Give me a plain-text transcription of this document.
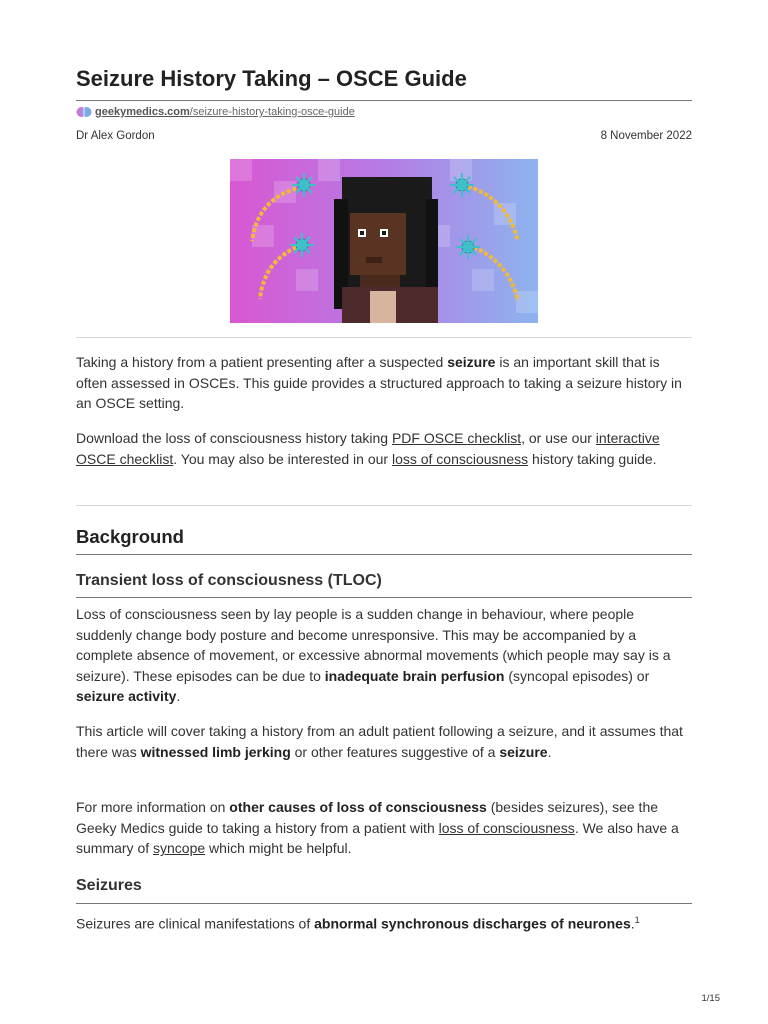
Seizure History Taking – OSCE Guide
geekymedics.com /seizure-history-taking-osce-guide
Dr Alex Gordon	8 November 2022

Taking a history from a patient presenting after a suspected seizure is an important skill that is often assessed in OSCEs. This guide provides a structured approach to taking a seizure history in an OSCE setting.

Download the loss of consciousness history taking PDF OSCE checklist, or use our interactive OSCE checklist. You may also be interested in our loss of consciousness history taking guide.

Background
Transient loss of consciousness (TLOC)

Loss of consciousness seen by lay people is a sudden change in behaviour, where people suddenly change body posture and become unresponsive. This may be accompanied by a complete absence of movement, or excessive abnormal movements (which people may say is a seizure). These episodes can be due to inadequate brain perfusion (syncopal episodes) or seizure activity.

This article will cover taking a history from an adult patient following a seizure, and it assumes that there was witnessed limb jerking or other features suggestive of a seizure.

For more information on other causes of loss of consciousness (besides seizures), see the Geeky Medics guide to taking a history from a patient with loss of consciousness. We also have a summary of syncope which might be helpful.

Seizures

Seizures are clinical manifestations of abnormal synchronous discharges of neurones.$^1$

1/15
